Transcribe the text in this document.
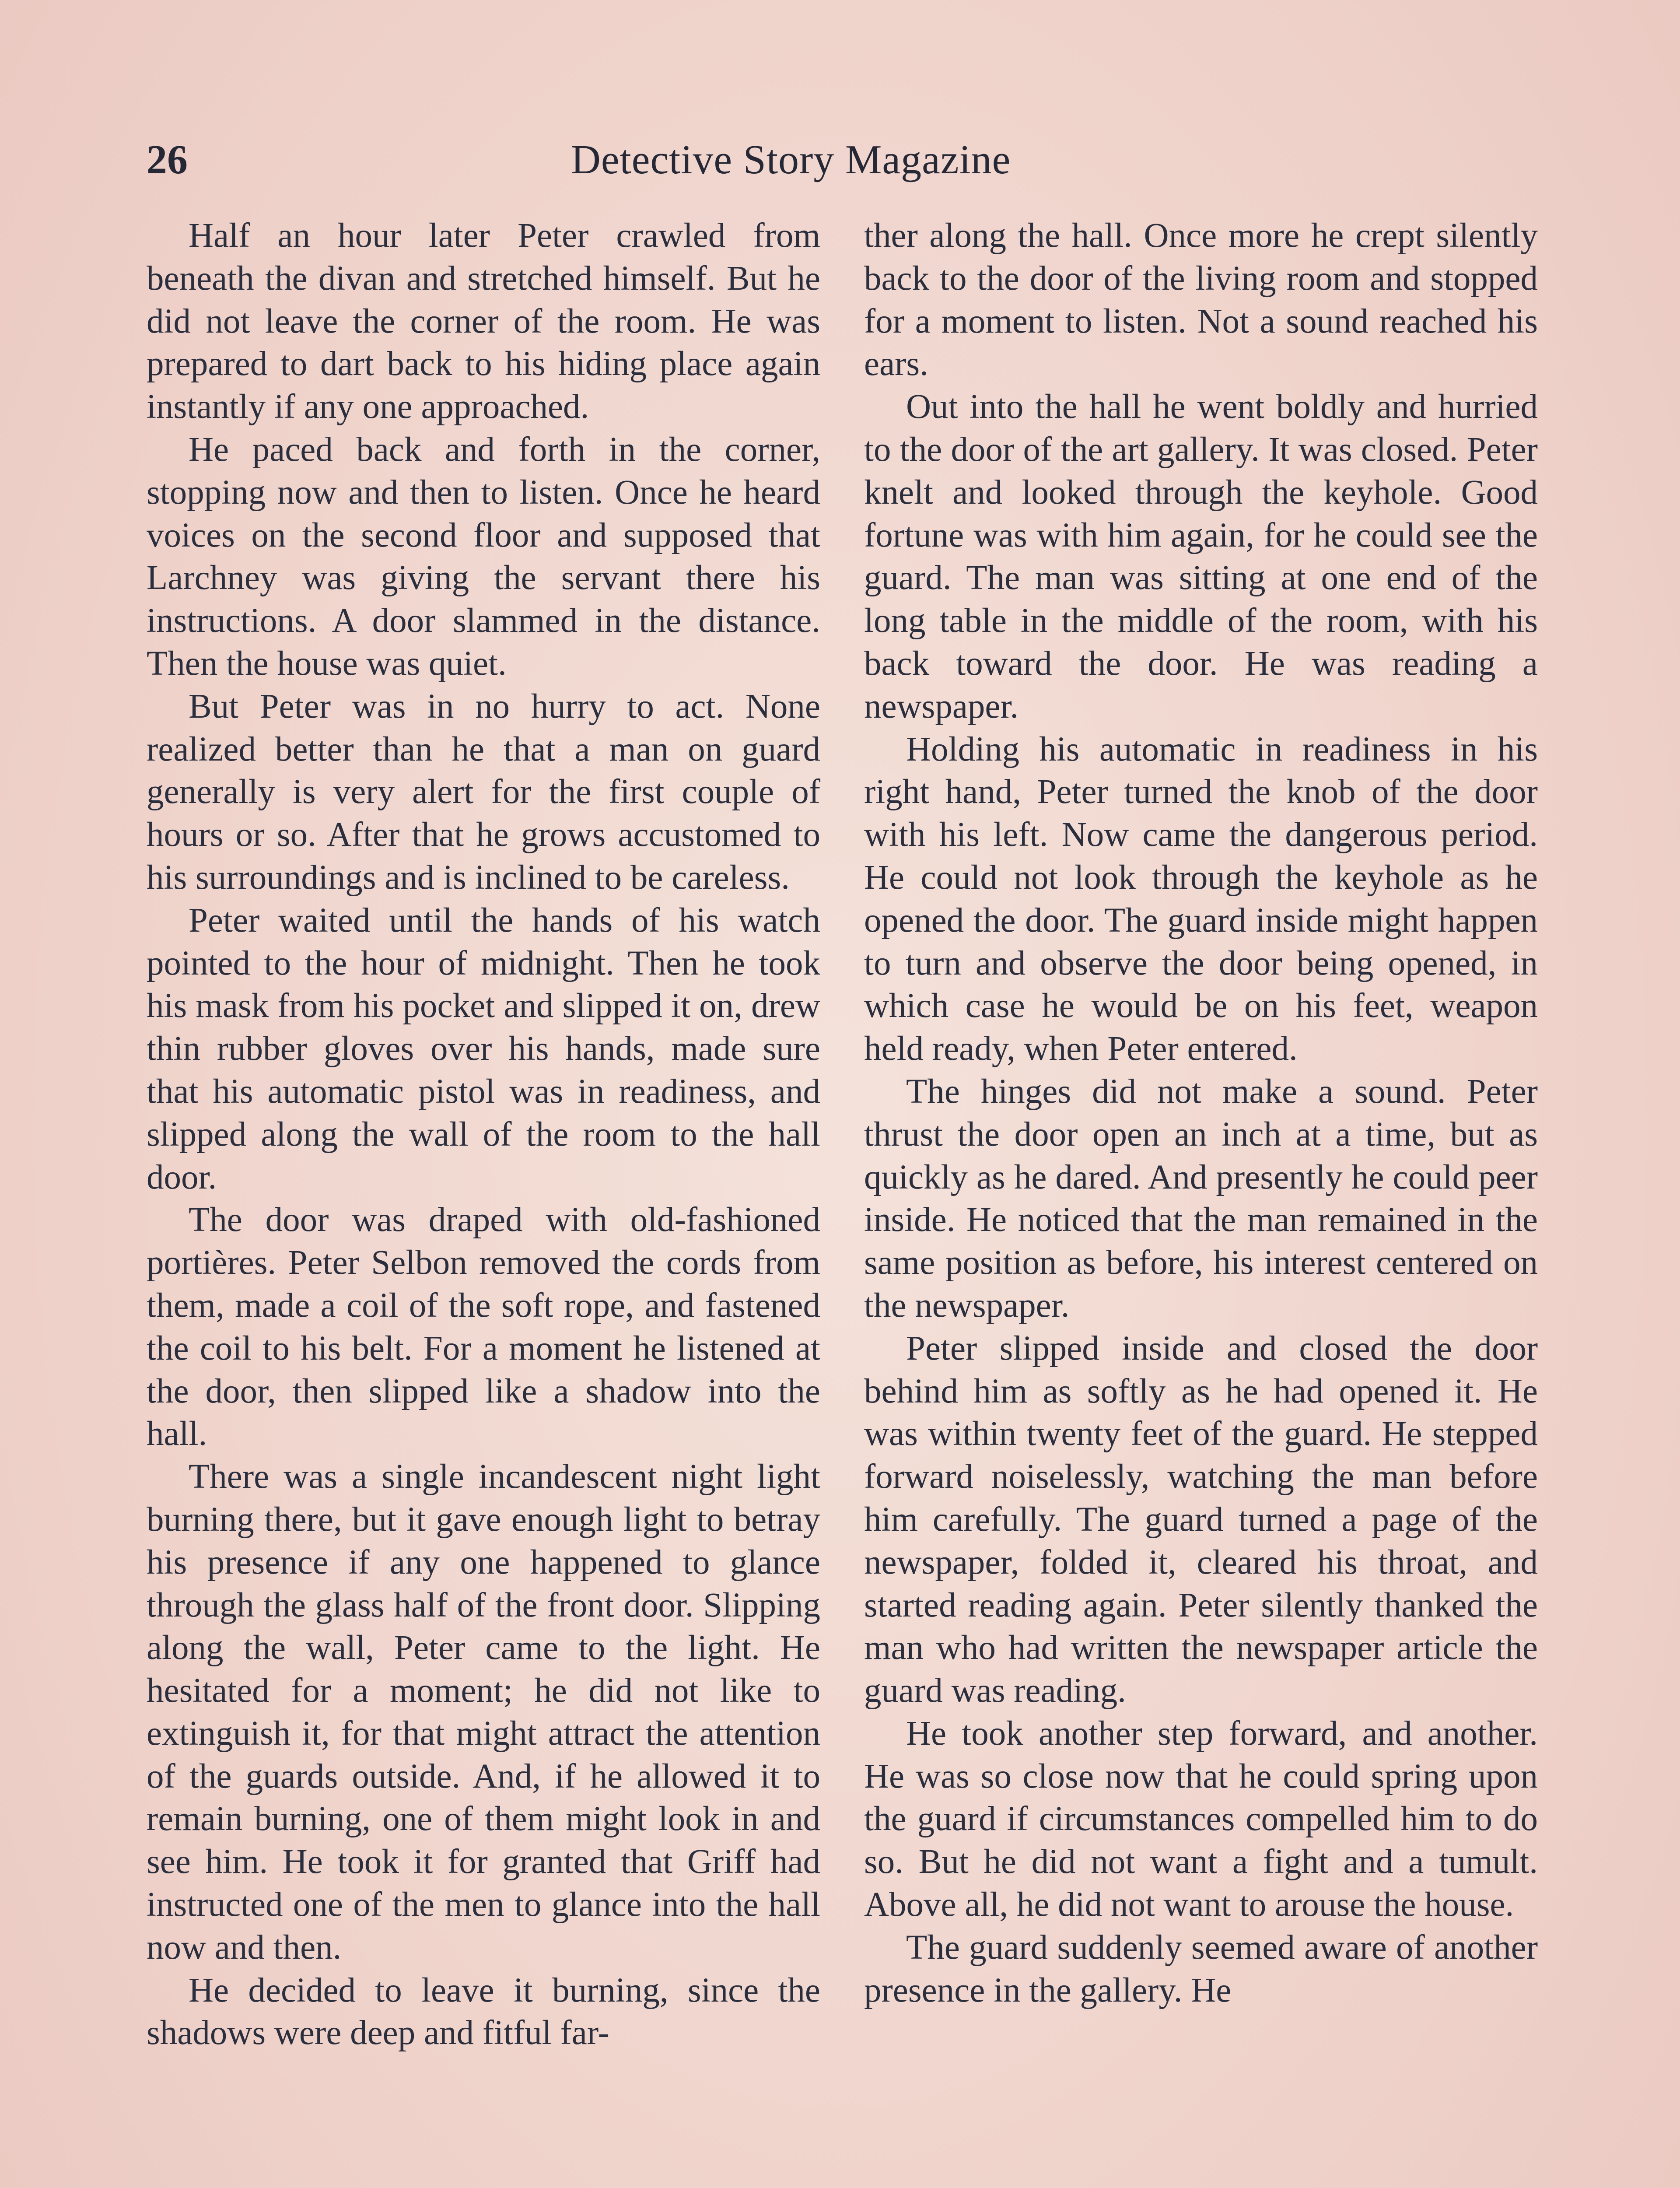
26	Detective Story Magazine

Half an hour later Peter crawled from beneath the divan and stretched himself. But he did not leave the corner of the room. He was prepared to dart back to his hiding place again instantly if any one approached.

He paced back and forth in the corner, stopping now and then to listen. Once he heard voices on the second floor and supposed that Larchney was giving the servant there his instructions. A door slammed in the distance. Then the house was quiet.

But Peter was in no hurry to act. None realized better than he that a man on guard generally is very alert for the first couple of hours or so. After that he grows accustomed to his surroundings and is inclined to be careless.

Peter waited until the hands of his watch pointed to the hour of midnight. Then he took his mask from his pocket and slipped it on, drew thin rubber gloves over his hands, made sure that his automatic pistol was in readiness, and slipped along the wall of the room to the hall door.

The door was draped with old-fashioned portières. Peter Selbon removed the cords from them, made a coil of the soft rope, and fastened the coil to his belt. For a moment he listened at the door, then slipped like a shadow into the hall.

There was a single incandescent night light burning there, but it gave enough light to betray his presence if any one happened to glance through the glass half of the front door. Slipping along the wall, Peter came to the light. He hesitated for a moment; he did not like to extinguish it, for that might attract the attention of the guards outside. And, if he allowed it to remain burning, one of them might look in and see him. He took it for granted that Griff had instructed one of the men to glance into the hall now and then.

He decided to leave it burning, since the shadows were deep and fitful far-

ther along the hall. Once more he crept silently back to the door of the living room and stopped for a moment to listen. Not a sound reached his ears.

Out into the hall he went boldly and hurried to the door of the art gallery. It was closed. Peter knelt and looked through the keyhole. Good fortune was with him again, for he could see the guard. The man was sitting at one end of the long table in the middle of the room, with his back toward the door. He was reading a newspaper.

Holding his automatic in readiness in his right hand, Peter turned the knob of the door with his left. Now came the dangerous period. He could not look through the keyhole as he opened the door. The guard inside might happen to turn and observe the door being opened, in which case he would be on his feet, weapon held ready, when Peter entered.

The hinges did not make a sound. Peter thrust the door open an inch at a time, but as quickly as he dared. And presently he could peer inside. He noticed that the man remained in the same position as before, his interest centered on the newspaper.

Peter slipped inside and closed the door behind him as softly as he had opened it. He was within twenty feet of the guard. He stepped forward noiselessly, watching the man before him carefully. The guard turned a page of the newspaper, folded it, cleared his throat, and started reading again. Peter silently thanked the man who had written the newspaper article the guard was reading.

He took another step forward, and another. He was so close now that he could spring upon the guard if circumstances compelled him to do so. But he did not want a fight and a tumult. Above all, he did not want to arouse the house.

The guard suddenly seemed aware of another presence in the gallery. He
